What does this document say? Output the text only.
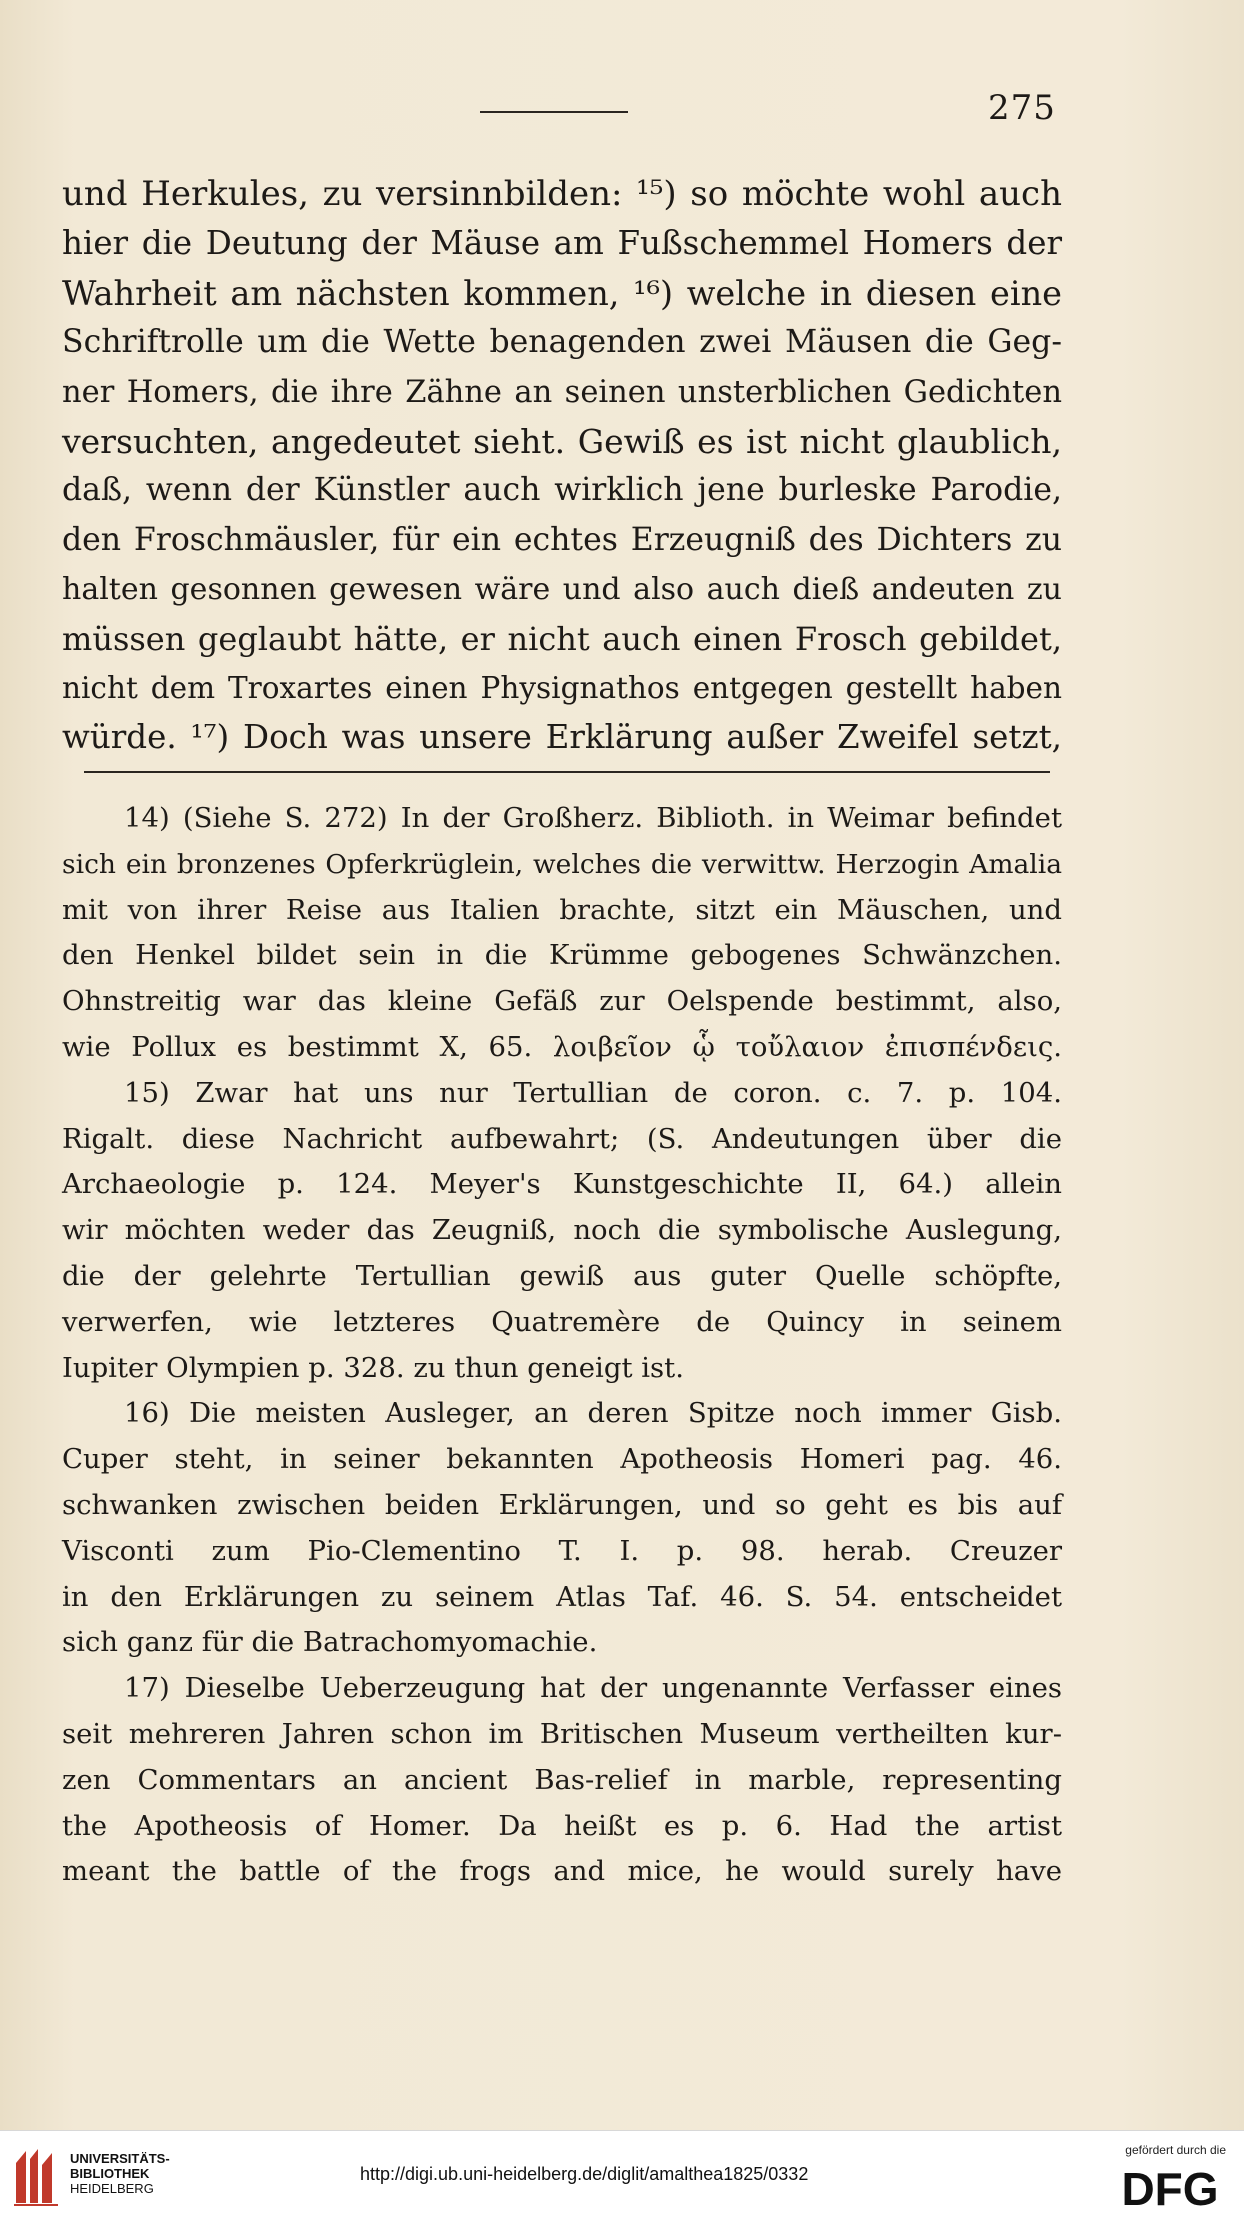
275
und Herkules, zu versinnbilden: ¹⁵) so möchte wohl auch
hier die Deutung der Mäuse am Fußschemmel Homers der
Wahrheit am nächsten kommen, ¹⁶) welche in diesen eine
Schriftrolle um die Wette benagenden zwei Mäusen die Geg-
ner Homers, die ihre Zähne an seinen unsterblichen Gedichten
versuchten, angedeutet sieht. Gewiß es ist nicht glaublich,
daß, wenn der Künstler auch wirklich jene burleske Parodie,
den Froschmäusler, für ein echtes Erzeugniß des Dichters zu
halten gesonnen gewesen wäre und also auch dieß andeuten zu
müssen geglaubt hätte, er nicht auch einen Frosch gebildet,
nicht dem Troxartes einen Physignathos entgegen gestellt haben
würde. ¹⁷) Doch was unsere Erklärung außer Zweifel setzt,
14) (Siehe S. 272) In der Großherz. Biblioth. in Weimar befindet
sich ein bronzenes Opferkrüglein, welches die verwittw. Herzogin Amalia
mit von ihrer Reise aus Italien brachte, sitzt ein Mäuschen, und
den Henkel bildet sein in die Krümme gebogenes Schwänzchen.
Ohnstreitig war das kleine Gefäß zur Oelspende bestimmt, also,
wie Pollux es bestimmt X, 65. λοιβεῖον ᾧ τοὔλαιον ἐπισπένδεις.
15) Zwar hat uns nur Tertullian de coron. c. 7. p. 104.
Rigalt. diese Nachricht aufbewahrt; (S. Andeutungen über die
Archaeologie p. 124. Meyer's Kunstgeschichte II, 64.) allein
wir möchten weder das Zeugniß, noch die symbolische Auslegung,
die der gelehrte Tertullian gewiß aus guter Quelle schöpfte,
verwerfen, wie letzteres Quatremère de Quincy in seinem
Iupiter Olympien p. 328. zu thun geneigt ist.
16) Die meisten Ausleger, an deren Spitze noch immer Gisb.
Cuper steht, in seiner bekannten Apotheosis Homeri pag. 46.
schwanken zwischen beiden Erklärungen, und so geht es bis auf
Visconti zum Pio-Clementino T. I. p. 98. herab. Creuzer
in den Erklärungen zu seinem Atlas Taf. 46. S. 54. entscheidet
sich ganz für die Batrachomyomachie.
17) Dieselbe Ueberzeugung hat der ungenannte Verfasser eines
seit mehreren Jahren schon im Britischen Museum vertheilten kur-
zen Commentars an ancient Bas-relief in marble, representing
the Apotheosis of Homer. Da heißt es p. 6. Had the artist
meant the battle of the frogs and mice, he would surely have
UNIVERSITÄTS-
BIBLIOTHEK
HEIDELBERG
http://digi.ub.uni-heidelberg.de/diglit/amalthea1825/0332
gefördert durch die
DFG
